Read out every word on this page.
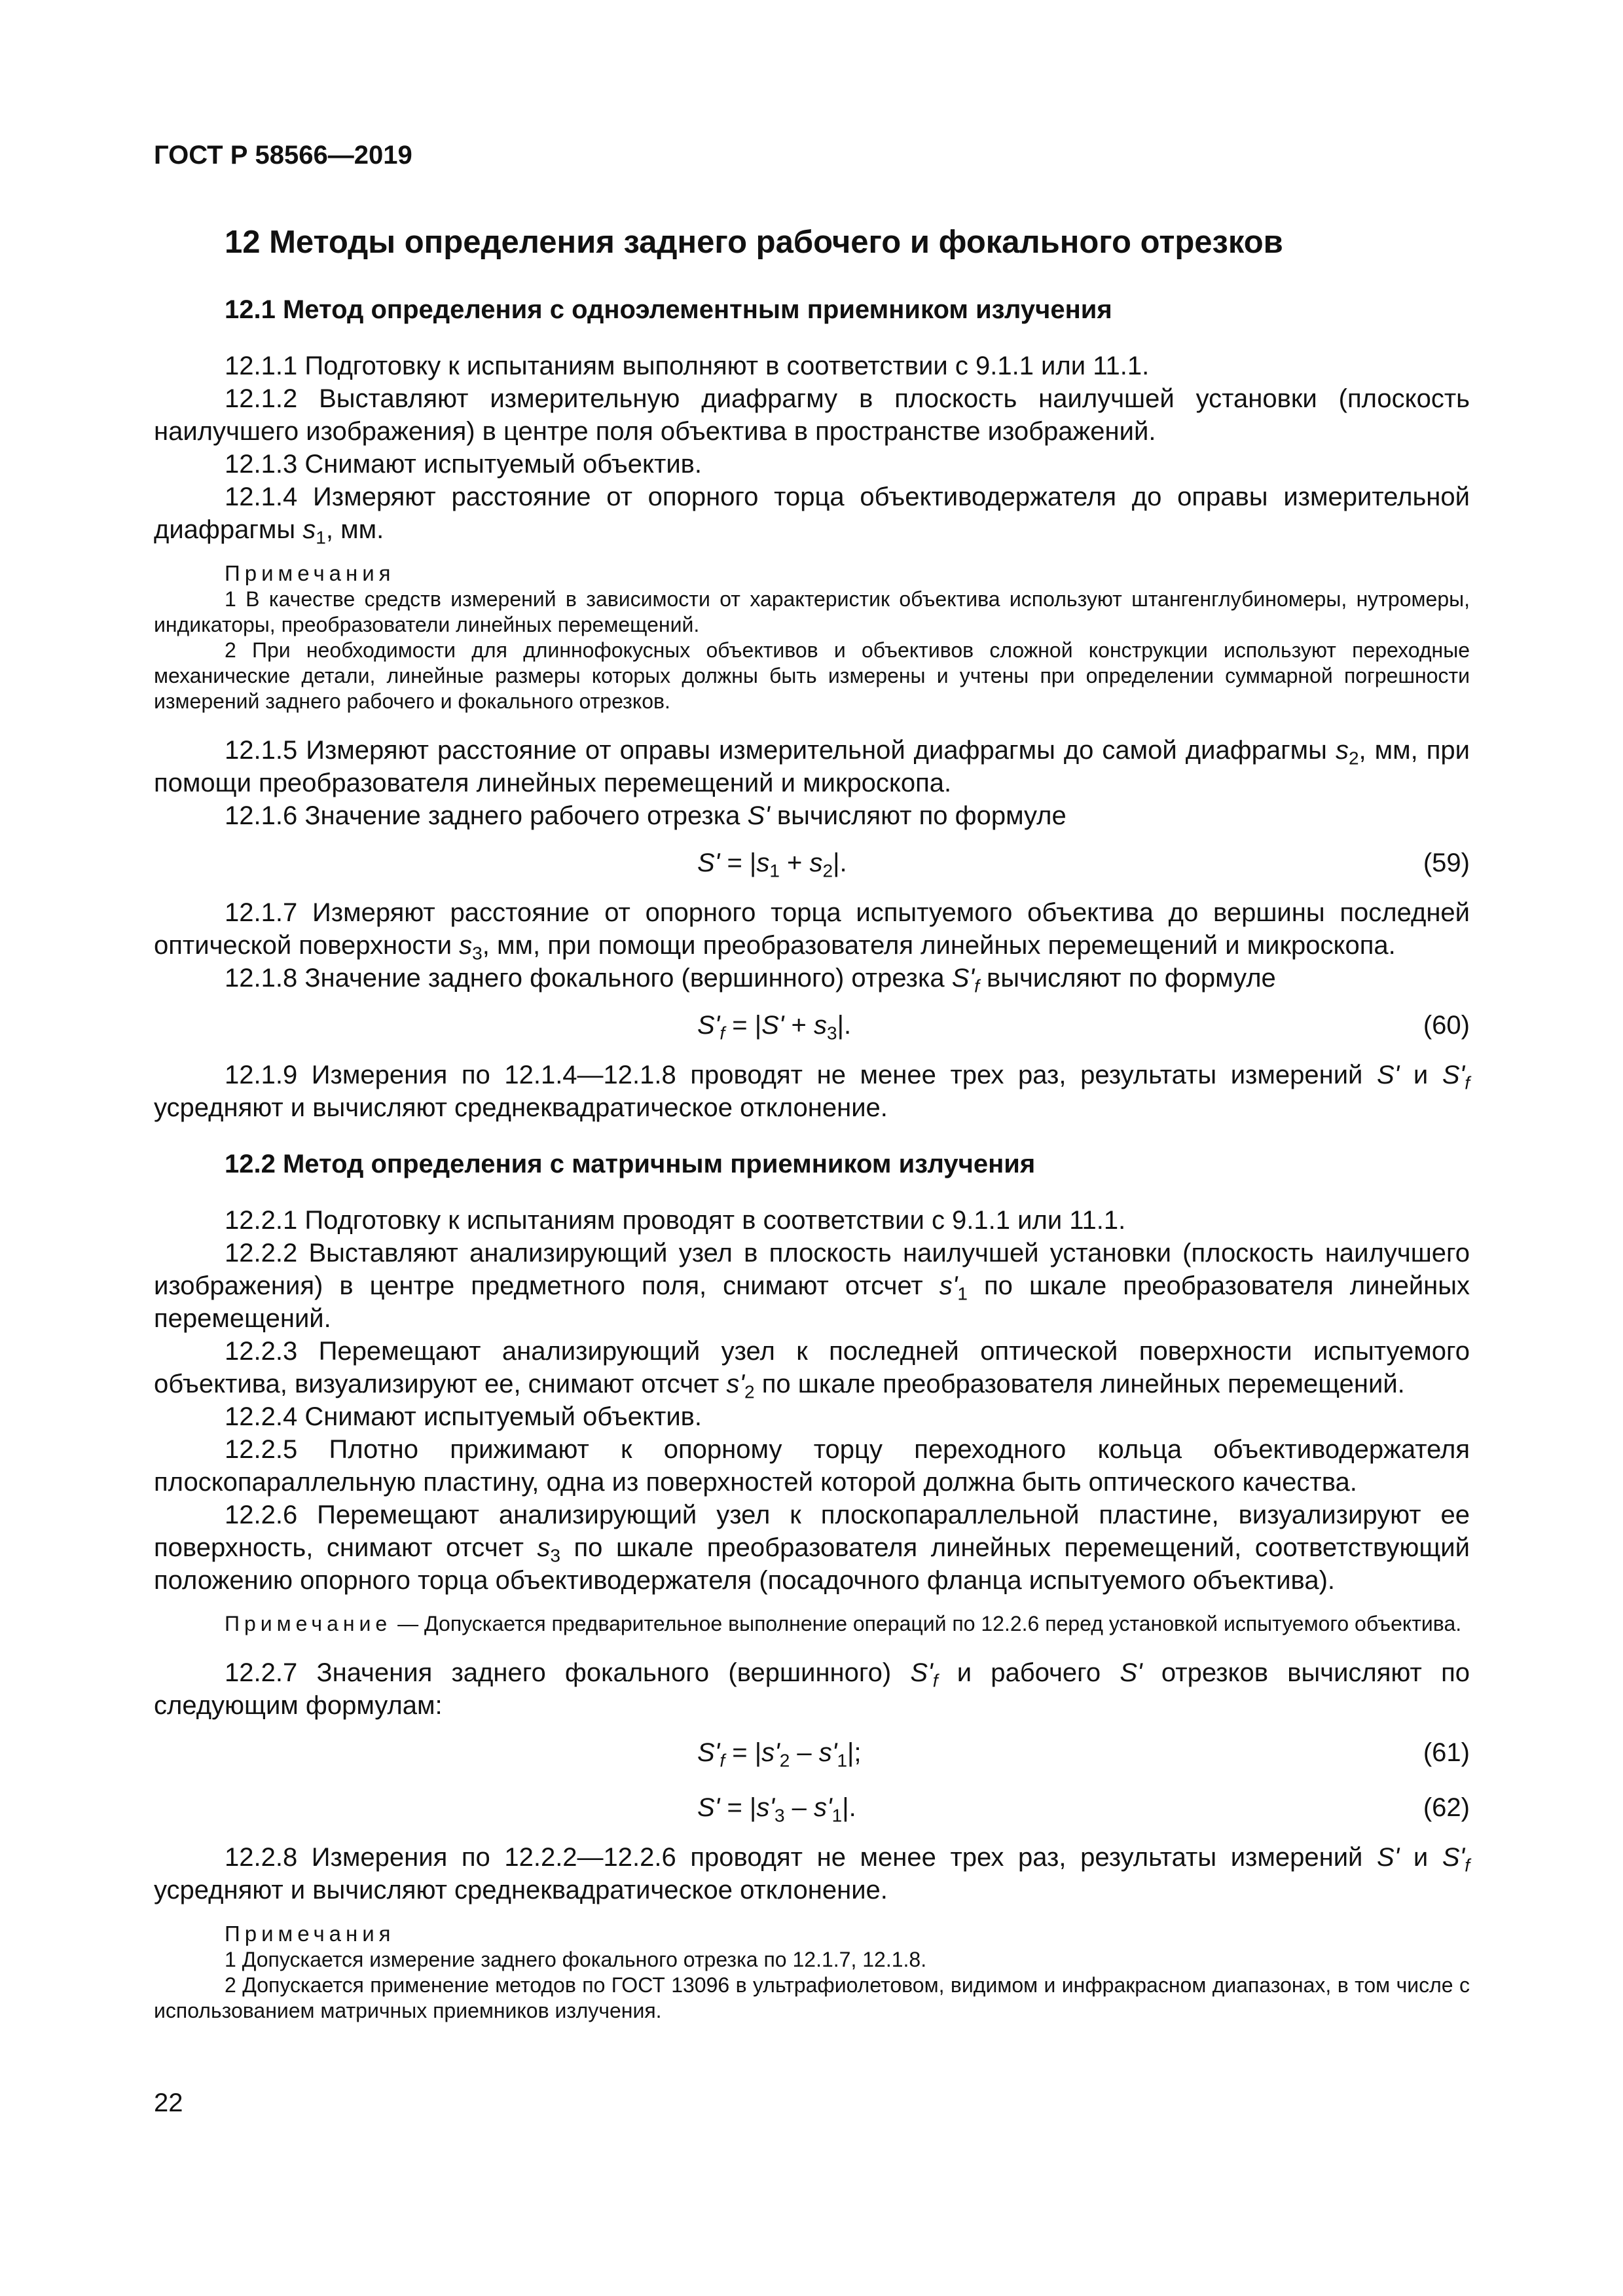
ГОСТ Р 58566—2019
12 Методы определения заднего рабочего и фокального отрезков
12.1 Метод определения с одноэлементным приемником излучения

12.1.1 Подготовку к испытаниям выполняют в соответствии с 9.1.1 или 11.1.

12.1.2 Выставляют измерительную диафрагму в плоскость наилучшей установки (плоскость наилучшего изображения) в центре поля объектива в пространстве изображений.

12.1.3 Снимают испытуемый объектив.

12.1.4 Измеряют расстояние от опорного торца объективодержателя до оправы измерительной диафрагмы $s_1$, мм.

Примечания

1 В качестве средств измерений в зависимости от характеристик объектива используют штангенглубиномеры, нутромеры, индикаторы, преобразователи линейных перемещений.

2 При необходимости для длиннофокусных объективов и объективов сложной конструкции используют переходные механические детали, линейные размеры которых должны быть измерены и учтены при определении суммарной погрешности измерений заднего рабочего и фокального отрезков.

12.1.5 Измеряют расстояние от оправы измерительной диафрагмы до самой диафрагмы $s_2$, мм, при помощи преобразователя линейных перемещений и микроскопа.

12.1.6 Значение заднего рабочего отрезка S' вычисляют по формуле

$S' = |s_1 + s_2|$.	(59)

12.1.7 Измеряют расстояние от опорного торца испытуемого объектива до вершины последней оптической поверхности $s_3$, мм, при помощи преобразователя линейных перемещений и микроскопа.

12.1.8 Значение заднего фокального (вершинного) отрезка $S'_f$ вычисляют по формуле

$S'_f = |S' + s_3|$.	(60)

12.1.9 Измерения по 12.1.4—12.1.8 проводят не менее трех раз, результаты измерений S' и $S'_f$ усредняют и вычисляют среднеквадратическое отклонение.

12.2 Метод определения с матричным приемником излучения

12.2.1 Подготовку к испытаниям проводят в соответствии с 9.1.1 или 11.1.

12.2.2 Выставляют анализирующий узел в плоскость наилучшей установки (плоскость наилучшего изображения) в центре предметного поля, снимают отсчет $s'_1$ по шкале преобразователя линейных перемещений.

12.2.3 Перемещают анализирующий узел к последней оптической поверхности испытуемого объектива, визуализируют ее, снимают отсчет $s'_2$ по шкале преобразователя линейных перемещений.

12.2.4 Снимают испытуемый объектив.

12.2.5 Плотно прижимают к опорному торцу переходного кольца объективодержателя плоскопараллельную пластину, одна из поверхностей которой должна быть оптического качества.

12.2.6 Перемещают анализирующий узел к плоскопараллельной пластине, визуализируют ее поверхность, снимают отсчет $s_3$ по шкале преобразователя линейных перемещений, соответствующий положению опорного торца объективодержателя (посадочного фланца испытуемого объектива).

Примечание — Допускается предварительное выполнение операций по 12.2.6 перед установкой испытуемого объектива.

12.2.7 Значения заднего фокального (вершинного) $S'_f$ и рабочего S' отрезков вычисляют по следующим формулам:

$S'_f = |s'_2 - s'_1|$;	(61)
$S' = |s'_3 - s'_1|$.	(62)

12.2.8 Измерения по 12.2.2—12.2.6 проводят не менее трех раз, результаты измерений S' и $S'_f$ усредняют и вычисляют среднеквадратическое отклонение.

Примечания

1 Допускается измерение заднего фокального отрезка по 12.1.7, 12.1.8.

2 Допускается применение методов по ГОСТ 13096 в ультрафиолетовом, видимом и инфракрасном диапазонах, в том числе с использованием матричных приемников излучения.

22
